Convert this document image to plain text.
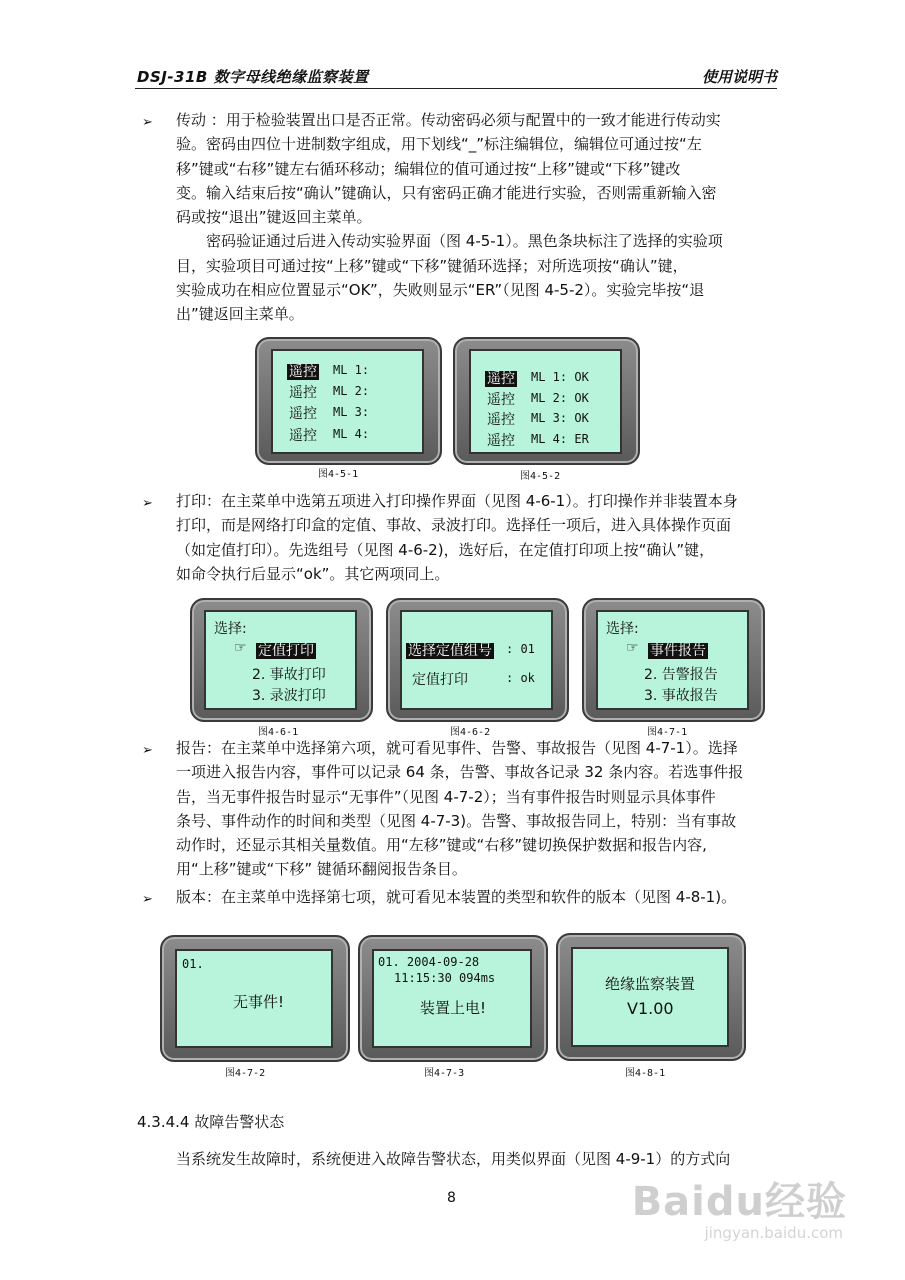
DSJ-31B 数字母线绝缘监察装置	使用说明书
➢ 传动 ：用于检验装置出口是否正常。传动密码必须与配置中的一致才能进行传动实
验。密码由四位十进制数字组成，用下划线“_”标注编辑位，编辑位可通过按“左
移”键或“右移”键左右循环移动；编辑位的值可通过按“上移”键或“下移”键改
变。输入结束后按“确认”键确认，只有密码正确才能进行实验，否则需重新输入密
码或按“退出”键返回主菜单。
　　密码验证通过后进入传动实验界面（图 4-5-1）。黑色条块标注了选择的实验项
目，实验项目可通过按“上移”键或“下移”键循环选择；对所选项按“确认”键，
实验成功在相应位置显示“OK”，失败则显示“ER”（见图 4-5-2）。实验完毕按“退
出”键返回主菜单。
遥控 ML 1:
遥控 ML 2:
遥控 ML 3:
遥控 ML 4:
图4-5-1
遥控 ML 1: OK
遥控 ML 2: OK
遥控 ML 3: OK
遥控 ML 4: ER
图4-5-2
➢ 打印：在主菜单中选第五项进入打印操作界面（见图 4-6-1）。打印操作并非装置本身
打印，而是网络打印盒的定值、事故、录波打印。选择任一项后，进入具体操作页面
（如定值打印）。先选组号（见图 4-6-2)，选好后，在定值打印项上按“确认”键，
如命令执行后显示“ok”。其它两项同上。
选择:
☞ 定值打印
2. 事故打印
3. 录波打印
图4-6-1
选择定值组号 : 01
定值打印	: ok
图4-6-2
选择:
☞ 事件报告
2. 告警报告
3. 事故报告
图4-7-1
➢ 报告：在主菜单中选择第六项，就可看见事件、告警、事故报告（见图 4-7-1）。选择
一项进入报告内容，事件可以记录 64 条，告警、事故各记录 32 条内容。若选事件报
告，当无事件报告时显示“无事件”（见图 4-7-2）；当有事件报告时则显示具体事件
条号、事件动作的时间和类型（见图 4-7-3)。告警、事故报告同上，特别：当有事故
动作时，还显示其相关量数值。用“左移”键或“右移”键切换保护数据和报告内容,
用“上移”键或“下移” 键循环翻阅报告条目。
➢ 版本：在主菜单中选择第七项，就可看见本装置的类型和软件的版本（见图 4-8-1)。
01.
无事件!
图4-7-2
01. 2004-09-28
11:15:30 094ms
装置上电!
图4-7-3
绝缘监察装置
V1.00
图4-8-1
4.3.4.4 故障告警状态
当系统发生故障时，系统便进入故障告警状态，用类似界面（见图 4-9-1）的方式向
8	Baidu经验
jingyan.baidu.com
